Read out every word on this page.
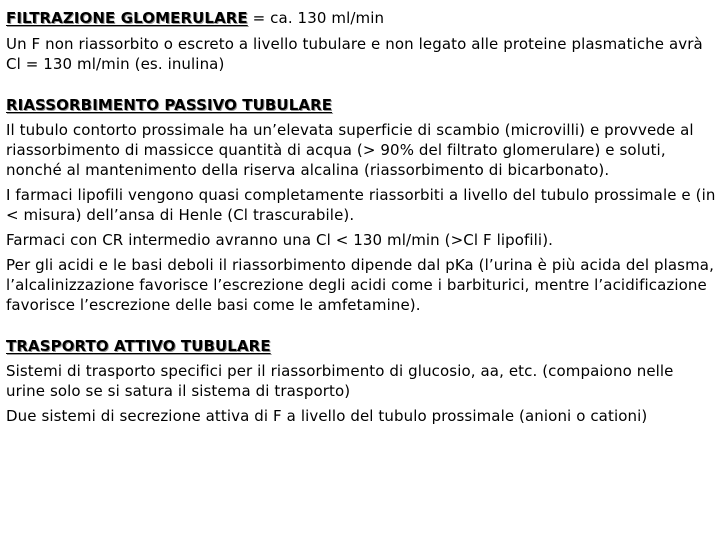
FILTRAZIONE GLOMERULARE = ca. 130 ml/min

Un F non riassorbito o escreto a livello tubulare e non legato alle proteine plasmatiche avrà Cl = 130 ml/min (es. inulina)

RIASSORBIMENTO PASSIVO TUBULARE

Il tubulo contorto prossimale ha un’elevata superficie di scambio (microvilli) e provvede al riassorbimento di massicce quantità di acqua (> 90% del filtrato glomerulare) e soluti, nonché al mantenimento della riserva alcalina (riassorbimento di bicarbonato).

I farmaci lipofili vengono quasi completamente riassorbiti a livello del tubulo prossimale e (in < misura) dell’ansa di Henle (Cl trascurabile).

Farmaci con CR intermedio avranno una Cl < 130 ml/min (>Cl F lipofili).

Per gli acidi e le basi deboli il riassorbimento dipende dal pKa (l’urina è più acida del plasma, l’alcalinizzazione favorisce l’escrezione degli acidi come i barbiturici, mentre l’acidificazione favorisce l’escrezione delle basi come le amfetamine).

TRASPORTO ATTIVO TUBULARE

Sistemi di trasporto specifici per il riassorbimento di glucosio, aa, etc. (compaiono nelle urine solo se si satura il sistema di trasporto)

Due sistemi di secrezione attiva di F a livello del tubulo prossimale (anioni o cationi)
